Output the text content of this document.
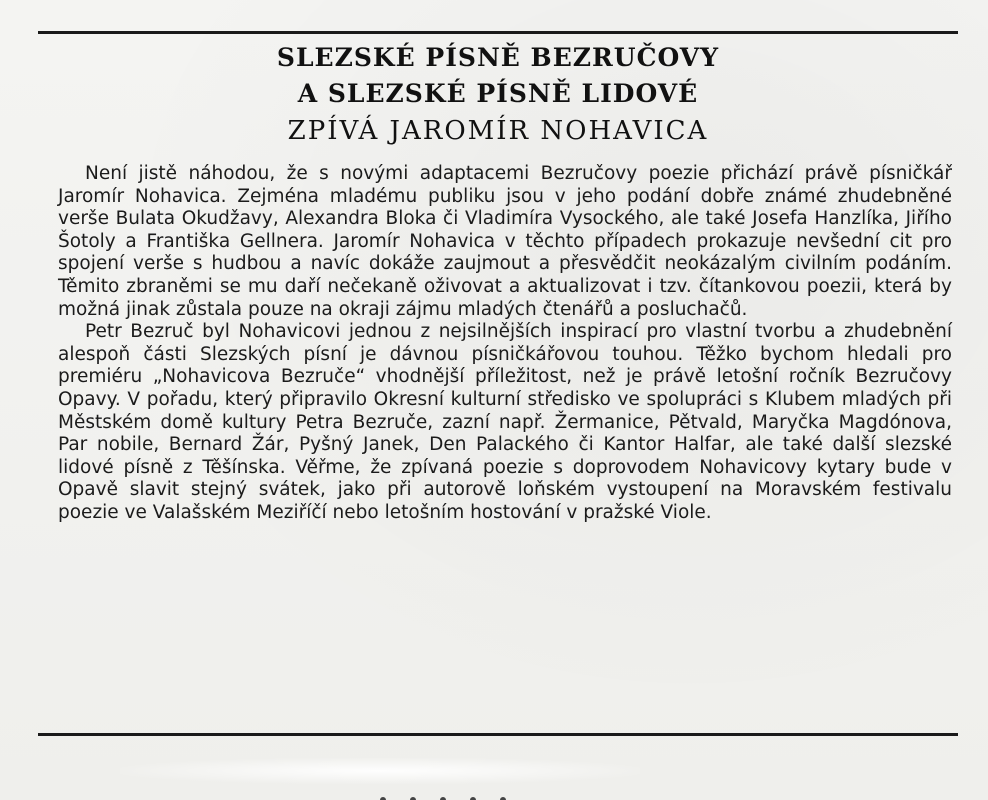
SLEZSKÉ PÍSNĚ BEZRUČOVY
A SLEZSKÉ PÍSNĚ LIDOVÉ
ZPÍVÁ JAROMÍR NOHAVICA

Není jistě náhodou, že s novými adaptacemi Bezručovy poezie přichází právě písničkář Jaromír Nohavica. Zejména mladému publiku jsou v jeho podání dobře známé zhudebněné verše Bulata Okudžavy, Alexandra Bloka či Vladimíra Vysockého, ale také Josefa Hanzlíka, Jiřího Šotoly a Františka Gellnera. Jaromír Nohavica v těchto případech prokazuje nevšední cit pro spojení verše s hudbou a navíc dokáže zaujmout a přesvědčit neokázalým civilním podáním. Těmito zbraněmi se mu daří nečekaně oživovat a aktualizovat i tzv. čítankovou poezii, která by možná jinak zůstala pouze na okraji zájmu mladých čtenářů a posluchačů.

Petr Bezruč byl Nohavicovi jednou z nejsilnějších inspirací pro vlastní tvorbu a zhudebnění alespoň části Slezských písní je dávnou písničkářovou touhou. Těžko bychom hledali pro premiéru „Nohavicova Bezruče“ vhodnější příležitost, než je právě letošní ročník Bezručovy Opavy. V pořadu, který připravilo Okresní kulturní středisko ve spolupráci s Klubem mladých při Městském domě kultury Petra Bezruče, zazní např. Žermanice, Pětvald, Maryčka Magdónova, Par nobile, Bernard Žár, Pyšný Janek, Den Palackého či Kantor Halfar, ale také další slezské lidové písně z Těšínska. Věřme, že zpívaná poezie s doprovodem Nohavicovy kytary bude v Opavě slavit stejný svátek, jako při autorově loňském vystoupení na Moravském festivalu poezie ve Valašském Meziříčí nebo letošním hostování v pražské Viole.
